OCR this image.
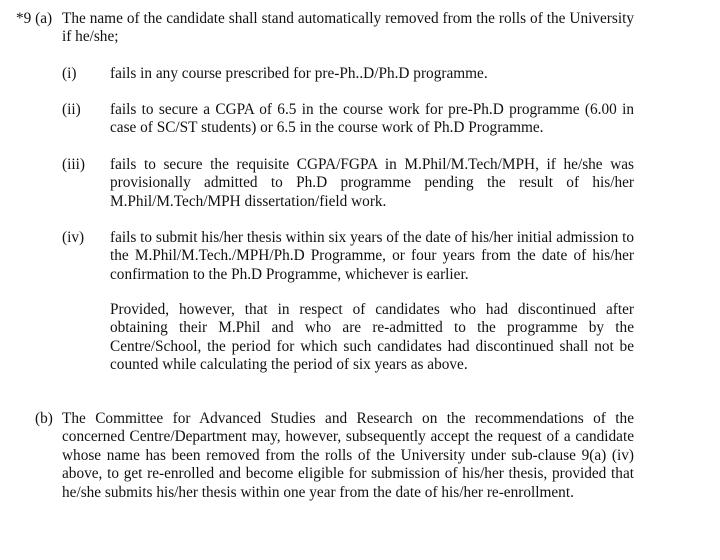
*9 (a) The name of the candidate shall stand automatically removed from the rolls of the University if he/she;
(i) fails in any course prescribed for pre-Ph..D/Ph.D programme.
(ii) fails to secure a CGPA of 6.5 in the course work for pre-Ph.D programme (6.00 in case of SC/ST students) or 6.5 in the course work of Ph.D Programme.
(iii) fails to secure the requisite CGPA/FGPA in M.Phil/M.Tech/MPH, if he/she was provisionally admitted to Ph.D programme pending the result of his/her M.Phil/M.Tech/MPH dissertation/field work.
(iv) fails to submit his/her thesis within six years of the date of his/her initial admission to the M.Phil/M.Tech./MPH/Ph.D Programme, or four years from the date of his/her confirmation to the Ph.D Programme, whichever is earlier.
Provided, however, that in respect of candidates who had discontinued after obtaining their M.Phil and who are re-admitted to the programme by the Centre/School, the period for which such candidates had discontinued shall not be counted while calculating the period of six years as above.
(b) The Committee for Advanced Studies and Research on the recommendations of the concerned Centre/Department may, however, subsequently accept the request of a candidate whose name has been removed from the rolls of the University under sub-clause 9(a) (iv) above, to get re-enrolled and become eligible for submission of his/her thesis, provided that he/she submits his/her thesis within one year from the date of his/her re-enrollment.
